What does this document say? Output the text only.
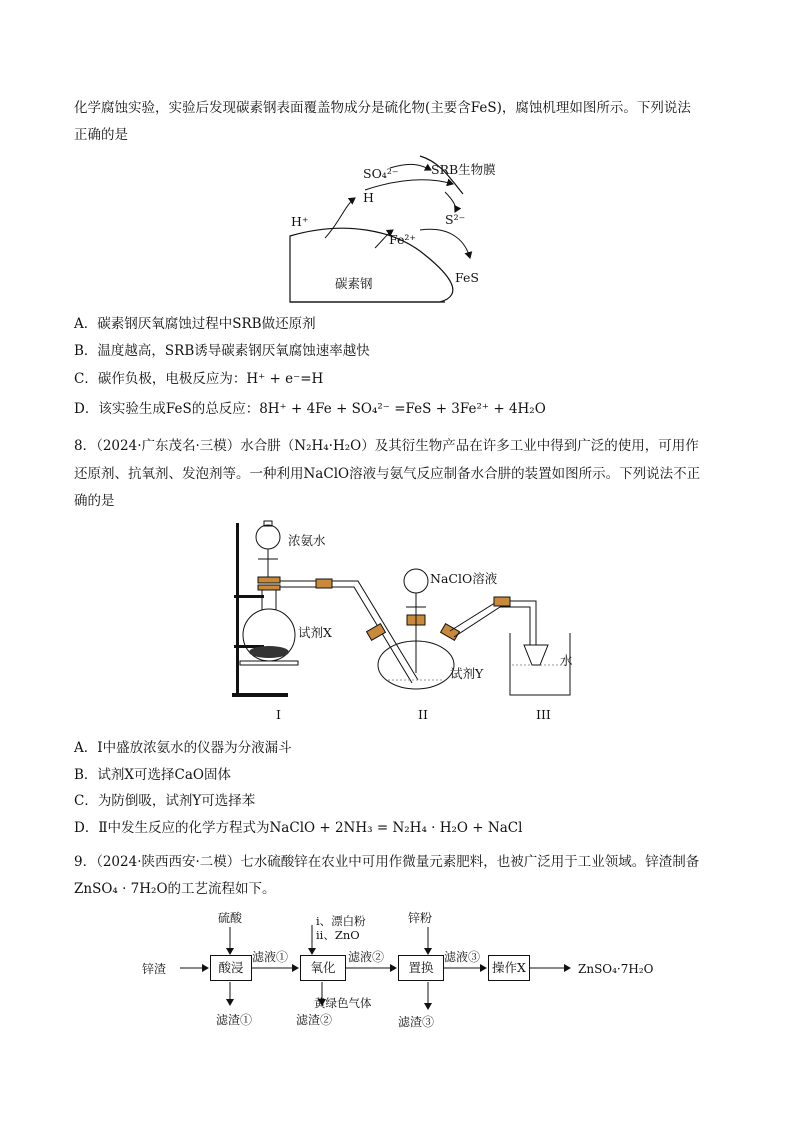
化学腐蚀实验，实验后发现碳素钢表面覆盖物成分是硫化物(主要含FeS)，腐蚀机理如图所示。下列说法
正确的是
SO₄²⁻	SRB生物膜
H
H⁺	S²⁻
Fe²⁺
碳素钢	FeS
A．碳素钢厌氧腐蚀过程中SRB做还原剂
B．温度越高，SRB诱导碳素钢厌氧腐蚀速率越快
C．碳作负极，电极反应为：H⁺ + e⁻=H
D．该实验生成FeS的总反应：8H⁺ + 4Fe + SO₄²⁻ =FeS + 3Fe²⁺ + 4H₂O
8．（2024·广东茂名·三模）水合肼（N₂H₄·H₂O）及其衍生物产品在许多工业中得到广泛的使用，可用作
还原剂、抗氧剂、发泡剂等。一种利用NaClO溶液与氨气反应制备水合肼的装置如图所示。下列说法不正
确的是
浓氨水
试剂X
NaClO溶液
试剂Y
水
I	II	III
A．Ⅰ中盛放浓氨水的仪器为分液漏斗
B．试剂X可选择CaO固体
C．为防倒吸，试剂Y可选择苯
D．Ⅱ中发生反应的化学方程式为NaClO + 2NH₃ = N₂H₄ · H₂O + NaCl
9．（2024·陕西西安·二模）七水硫酸锌在农业中可用作微量元素肥料，也被广泛用于工业领域。锌渣制备
ZnSO₄ · 7H₂O的工艺流程如下。
锌渣
硫酸
酸浸
滤液①
滤渣①
i、漂白粉
ii、ZnO
氧化
黄绿色气体
滤液②
滤渣②
锌粉
置换
滤液③
滤渣③
操作X	ZnSO₄·7H₂O
